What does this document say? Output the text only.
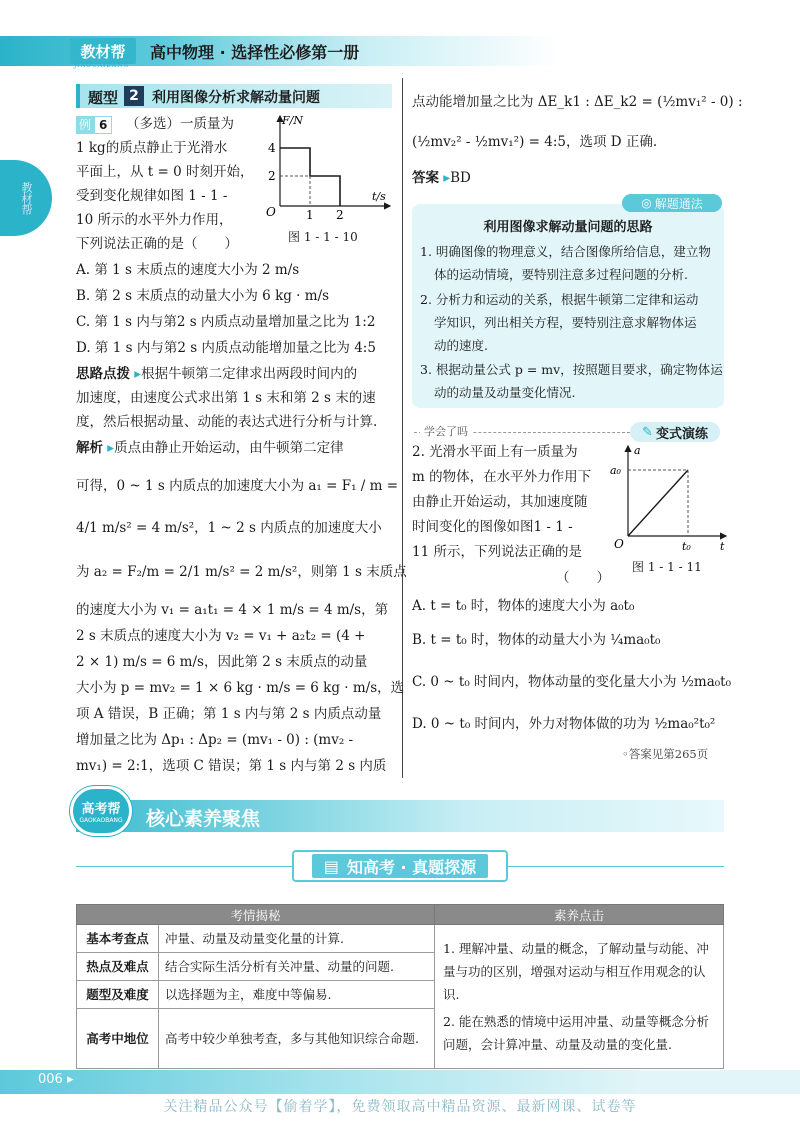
教材帮
JIAOCAIBANG
高中物理 · 选择性必修第一册
教材帮
题型 2 利用图像分析求解动量问题
例 6	（多选）一质量为
1 kg的质点静止于光滑水
平面上，从 t = 0 时刻开始，
受到变化规律如图 1 - 1 -
10 所示的水平外力作用，
下列说法正确的是（　　）
F/N
t/s
O
4
2
1 2
图 1 - 1 - 10
A. 第 1 s 末质点的速度大小为 2 m/s
B. 第 2 s 末质点的动量大小为 6 kg · m/s
C. 第 1 s 内与第2 s 内质点动量增加量之比为 1:2
D. 第 1 s 内与第2 s 内质点动能增加量之比为 4:5
思路点拨 ▸根据牛顿第二定律求出两段时间内的
加速度，由速度公式求出第 1 s 末和第 2 s 末的速
度，然后根据动量、动能的表达式进行分析与计算.
解析 ▸质点由静止开始运动，由牛顿第二定律
可得，0 ~ 1 s 内质点的加速度大小为 a₁ = F₁ / m =
4/1 m/s² = 4 m/s²，1 ~ 2 s 内质点的加速度大小
为 a₂ = F₂/m = 2/1 m/s² = 2 m/s²，则第 1 s 末质点
的速度大小为 v₁ = a₁t₁ = 4 × 1 m/s = 4 m/s，第
2 s 末质点的速度大小为 v₂ = v₁ + a₂t₂ = (4 +
2 × 1) m/s = 6 m/s，因此第 2 s 末质点的动量
大小为 p = mv₂ = 1 × 6 kg · m/s = 6 kg · m/s，选
项 A 错误，B 正确；第 1 s 内与第 2 s 内质点动量
增加量之比为 Δp₁ : Δp₂ = (mv₁ - 0) : (mv₂ -
mv₁) = 2:1，选项 C 错误；第 1 s 内与第 2 s 内质
点动能增加量之比为 ΔE_k1 : ΔE_k2 = (½mv₁² - 0) :
(½mv₂² - ½mv₁²) = 4:5，选项 D 正确.
答案 ▸BD
◎ 解题通法
利用图像求解动量问题的思路
1. 明确图像的物理意义，结合图像所给信息，建立物
体的运动情境，要特别注意多过程问题的分析.
2. 分析力和运动的关系，根据牛顿第二定律和运动
学知识，列出相关方程，要特别注意求解物体运
动的速度.
3. 根据动量公式 p = mv，按照题目要求，确定物体运
动的动量及动量变化情况.
学会了吗	✎ 变式演练
2. 光滑水平面上有一质量为
m 的物体，在水平外力作用下
由静止开始运动，其加速度随
时间变化的图像如图1 - 1 -
11 所示，下列说法正确的是
（　　）
a
t
O
a₀
t₀
图 1 - 1 - 11
A. t = t₀ 时，物体的速度大小为 a₀t₀
B. t = t₀ 时，物体的动量大小为 ¼ma₀t₀
C. 0 ~ t₀ 时间内，物体动量的变化量大小为 ½ma₀t₀
D. 0 ~ t₀ 时间内，外力对物体做的功为 ½ma₀²t₀²
◦答案见第265页
高考帮
GAOKAOBANG 核心素养聚焦
▤ 知高考 · 真题探源
考情揭秘		素养点击
基本考查点	冲量、动量及动量变化量的计算.	1. 理解冲量、动量的概念，了解动量与动能、冲量与功的区别，增强对运动与相互作用观念的认识.
2. 能在熟悉的情境中运用冲量、动量等概念分析问题，会计算冲量、动量及动量的变化量.

热点及难点	结合实际生活分析有关冲量、动量的问题.	
题型及难度	以选择题为主，难度中等偏易.	
高考中地位	高考中较少单独考查，多与其他知识综合命题.	
006 ▸
关注精品公众号【偷着学】，免费领取高中精品资源、最新网课、试卷等
